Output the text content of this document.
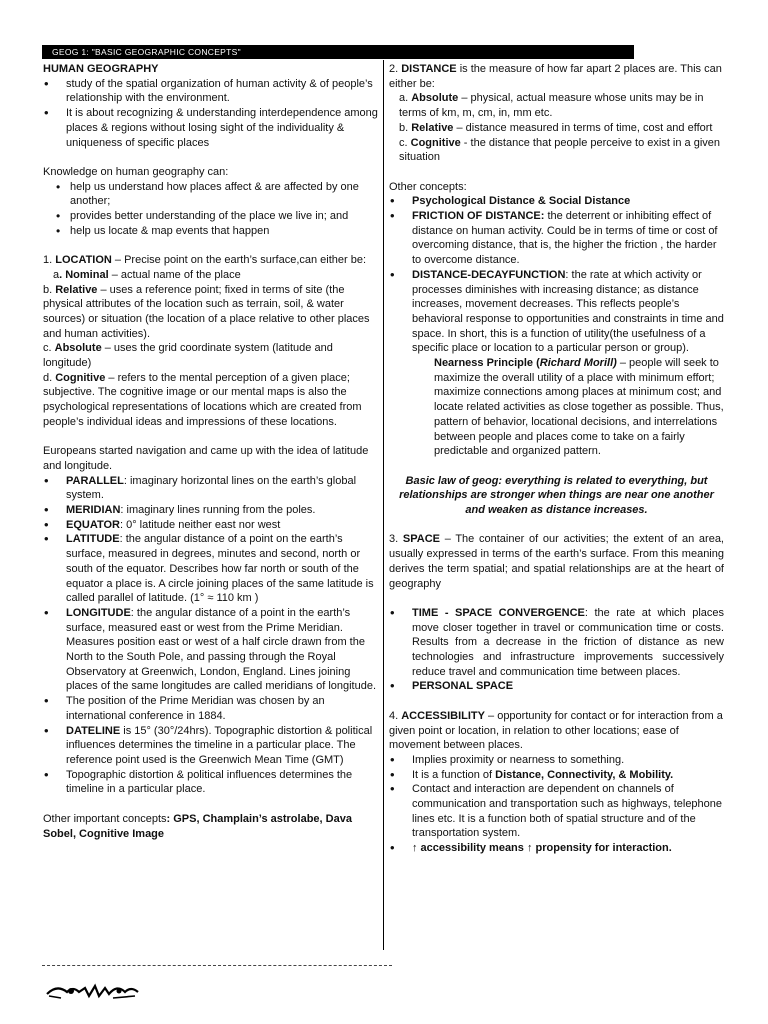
GEOG 1: "BASIC GEOGRAPHIC CONCEPTS"

HUMAN GEOGRAPHY

• study of the spatial organization of human activity & of people’s relationship with the environment.
• It is about recognizing & understanding interdependence among places & regions without losing sight of the individuality & uniqueness of specific places

Knowledge on human geography can:

• help us understand how places affect & are affected by one another;
• provides better understanding of the place we live in; and
• help us locate & map events that happen

1. LOCATION – Precise point on the earth’s surface,can either be:

a. Nominal – actual name of the place

b. Relative – uses a reference point; fixed in terms of site (the physical attributes of the location such as terrain, soil, & water sources) or situation (the location of a place relative to other places and human activities).

c. Absolute – uses the grid coordinate system (latitude and longitude)

d. Cognitive – refers to the mental perception of a given place; subjective. The cognitive image or our mental maps is also the psychological representations of locations which are created from people’s individual ideas and impressions of these locations.

Europeans started navigation and came up with the idea of latitude and longitude.

• PARALLEL: imaginary horizontal lines on the earth’s global system.
• MERIDIAN: imaginary lines running from the poles.
• EQUATOR: 0° latitude neither east nor west
• LATITUDE: the angular distance of a point on the earth’s surface, measured in degrees, minutes and second, north or south of the equator. Describes how far north or south of the equator a place is. A circle joining places of the same latitude is called parallel of latitude. (1° ≈ 110 km )
• LONGITUDE: the angular distance of a point in the earth’s surface, measured east or west from the Prime Meridian. Measures position east or west of a half circle drawn from the North to the South Pole, and passing through the Royal Observatory at Greenwich, London, England. Lines joining places of the same longitudes are called meridians of longitude.
• The position of the Prime Meridian was chosen by an international conference in 1884.
• DATELINE is 15° (30°/24hrs). Topographic distortion & political influences determines the timeline in a particular place. The reference point used is the Greenwich Mean Time (GMT)
• Topographic distortion & political influences determines the timeline in a particular place.

Other important concepts: GPS, Champlain’s astrolabe, Dava Sobel, Cognitive Image

2. DISTANCE is the measure of how far apart 2 places are. This can either be:

a. Absolute – physical, actual measure whose units may be in terms of km, m, cm, in, mm etc.

b. Relative – distance measured in terms of time, cost and effort

c. Cognitive - the distance that people perceive to exist in a given situation

Other concepts:

• Psychological Distance & Social Distance
• FRICTION OF DISTANCE: the deterrent or inhibiting effect of distance on human activity. Could be in terms of time or cost of overcoming distance, that is, the higher the friction , the harder to overcome distance.
• DISTANCE-DECAYFUNCTION: the rate at which activity or processes diminishes with increasing distance; as distance increases, movement decreases. This reflects people’s behavioral response to opportunities and constraints in time and space. In short, this is a function of utility(the usefulness of a specific place or location to a particular person or group).

Nearness Principle (Richard Morill) – people will seek to maximize the overall utility of a place with minimum effort; maximize connections among places at minimum cost; and locate related activities as close together as possible. Thus, pattern of behavior, locational decisions, and interrelations between people and places come to take on a fairly predictable and organized pattern.

Basic law of geog: everything is related to everything, but relationships are stronger when things are near one another and weaken as distance increases.

3. SPACE – The container of our activities; the extent of an area, usually expressed in terms of the earth’s surface. From this meaning derives the term spatial; and spatial relationships are at the heart of geography

• TIME - SPACE CONVERGENCE: the rate at which places move closer together in travel or communication time or costs. Results from a decrease in the friction of distance as new technologies and infrastructure improvements successively reduce travel and communication time between places.
• PERSONAL SPACE

4. ACCESSIBILITY – opportunity for contact or for interaction from a given point or location, in relation to other locations; ease of movement between places.

• Implies proximity or nearness to something.
• It is a function of Distance, Connectivity, & Mobility.
• Contact and interaction are dependent on channels of communication and transportation such as highways, telephone lines etc. It is a function both of spatial structure and of the transportation system.
• ↑ accessibility means ↑ propensity for interaction.
